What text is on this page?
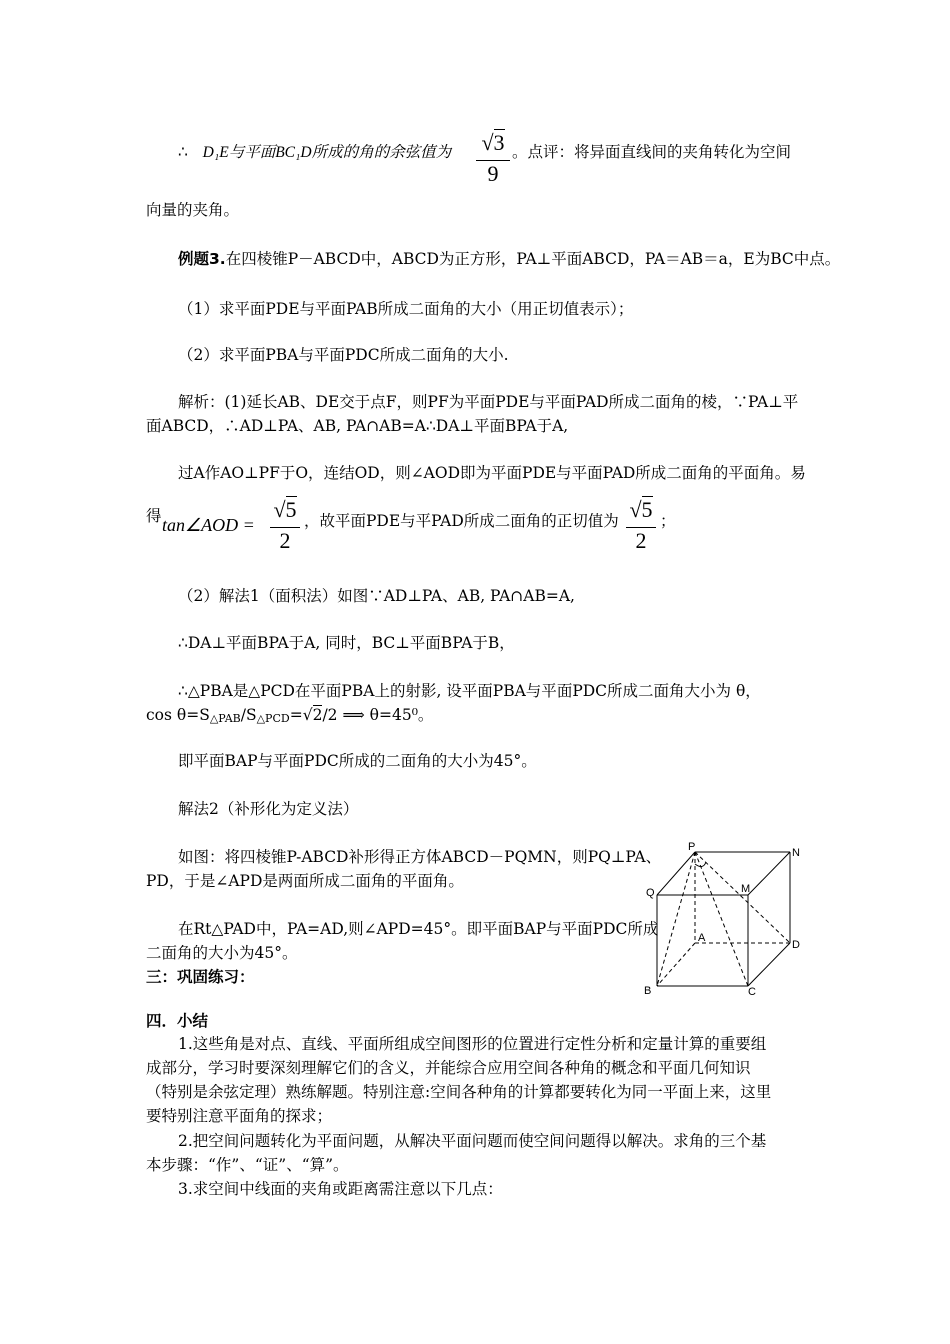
∴ D₁E与平面BC₁D所成的角的余弦值为 $\frac{√3}{9}$ 。点评：将异面直线间的夹角转化为空间
向量的夹角。
例题3.在四棱锥P－ABCD中，ABCD为正方形，PA⊥平面ABCD，PA＝AB＝a，E为BC中点。
（1）求平面PDE与平面PAB所成二面角的大小（用正切值表示）；
（2）求平面PBA与平面PDC所成二面角的大小.
解析：(1)延长AB、DE交于点F，则PF为平面PDE与平面PAD所成二面角的棱，∵PA⊥平
面ABCD，∴AD⊥PA、AB, PA∩AB=A∴DA⊥平面BPA于A,
过A作AO⊥PF于O，连结OD，则∠AOD即为平面PDE与平面PAD所成二面角的平面角。易
得 tan∠AOD = $\frac{√5}{2}$ ，故平面PDE与平PAD所成二面角的正切值为 $\frac{√5}{2}$ ；
（2）解法1（面积法）如图∵AD⊥PA、AB, PA∩AB=A,
∴DA⊥平面BPA于A, 同时，BC⊥平面BPA于B，
∴△PBA是△PCD在平面PBA上的射影, 设平面PBA与平面PDC所成二面角大小为 θ，
cos θ=S△PAB/S△PCD=√2/2 ⟹ θ=45⁰。
即平面BAP与平面PDC所成的二面角的大小为45°。
解法2（补形化为定义法）
如图：将四棱锥P-ABCD补形得正方体ABCD－PQMN，则PQ⊥PA、
PD，于是∠APD是两面所成二面角的平面角。
在Rt△PAD中，PA=AD,则∠APD=45°。即平面BAP与平面PDC所成
二面角的大小为45°。
三：巩固练习：
四．小结
1.这些角是对点、直线、平面所组成空间图形的位置进行定性分析和定量计算的重要组
成部分，学习时要深刻理解它们的含义，并能综合应用空间各种角的概念和平面几何知识
（特别是余弦定理）熟练解题。特别注意:空间各种角的计算都要转化为同一平面上来，这里
要特别注意平面角的探求；
2.把空间问题转化为平面问题，从解决平面问题而使空间问题得以解决。求角的三个基
本步骤：“作”、“证”、“算”。
3.求空间中线面的夹角或距离需注意以下几点：
P	N
Q	M
A
D
B	C
